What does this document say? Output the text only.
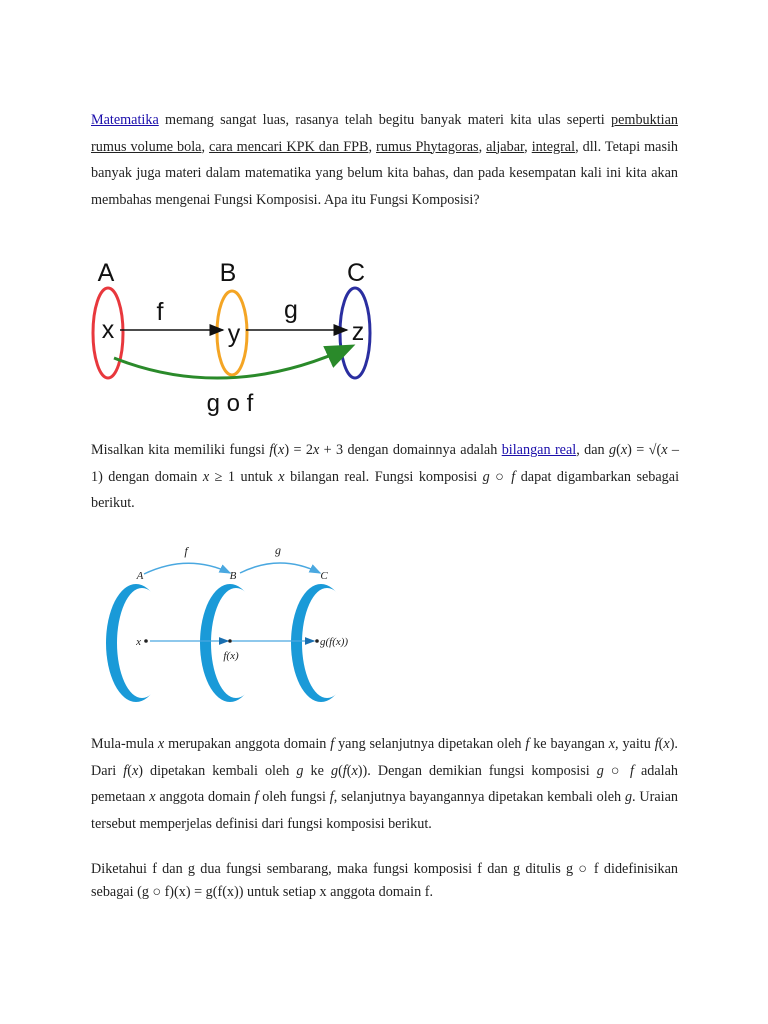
Matematika memang sangat luas, rasanya telah begitu banyak materi kita ulas seperti pembuktian rumus volume bola, cara mencari KPK dan FPB, rumus Phytagoras, aljabar, integral, dll. Tetapi masih banyak juga materi dalam matematika yang belum kita bahas, dan pada kesempatan kali ini kita akan membahas mengenai Fungsi Komposisi. Apa itu Fungsi Komposisi?
A	B	C
f	g
x	y	z
g o f
Misalkan kita memiliki fungsi f(x) = 2x + 3 dengan domainnya adalah bilangan real, dan g(x) = √(x – 1) dengan domain x ≥ 1 untuk x bilangan real. Fungsi komposisi g ○ f dapat digambarkan sebagai berikut.
f	g
A	B	C
x
f(x)
g(f(x))
Mula-mula x merupakan anggota domain f yang selanjutnya dipetakan oleh f ke bayangan x, yaitu f(x). Dari f(x) dipetakan kembali oleh g ke g(f(x)). Dengan demikian fungsi komposisi g ○ f adalah pemetaan x anggota domain f oleh fungsi f, selanjutnya bayangannya dipetakan kembali oleh g. Uraian tersebut memperjelas definisi dari fungsi komposisi berikut.
Diketahui f dan g dua fungsi sembarang, maka fungsi komposisi f dan g ditulis g ○ f didefinisikan sebagai (g ○ f)(x) = g(f(x)) untuk setiap x anggota domain f.
